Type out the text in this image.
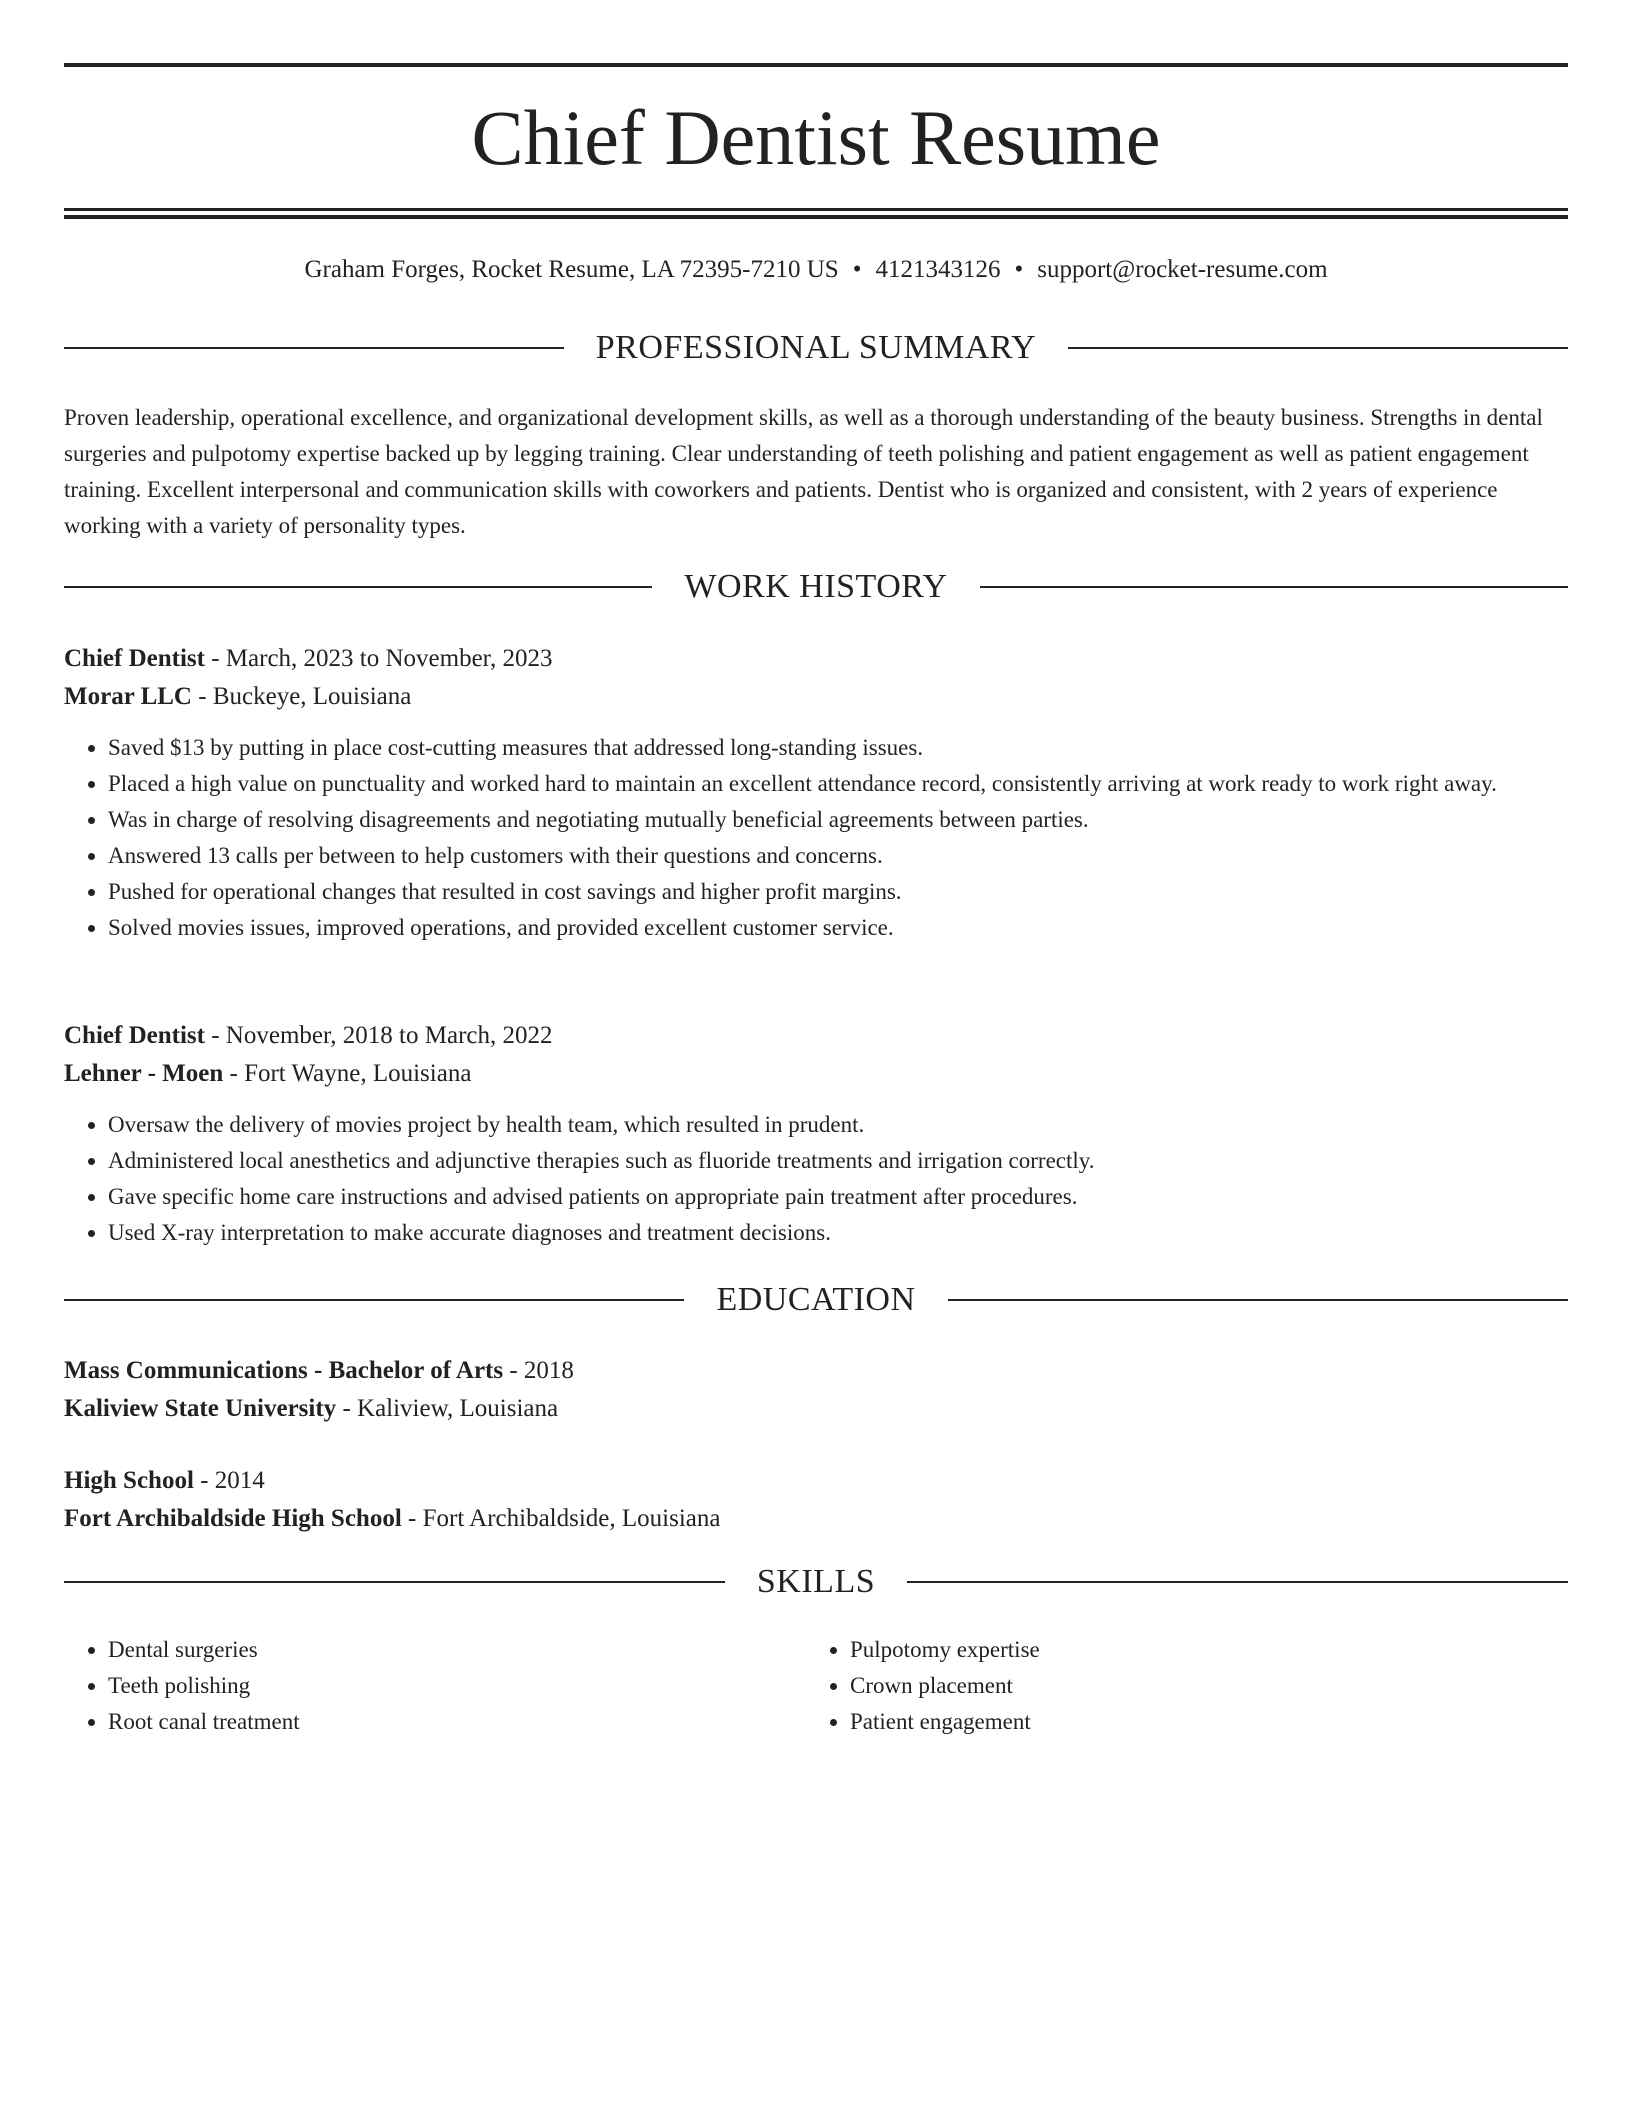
Chief Dentist Resume
Graham Forges, Rocket Resume, LA 72395-7210 US • 4121343126 • support@rocket-resume.com
PROFESSIONAL SUMMARY

Proven leadership, operational excellence, and organizational development skills, as well as a thorough understanding of the beauty business. Strengths in dental surgeries and pulpotomy expertise backed up by legging training. Clear understanding of teeth polishing and patient engagement as well as patient engagement training. Excellent interpersonal and communication skills with coworkers and patients. Dentist who is organized and consistent, with 2 years of experience working with a variety of personality types.

WORK HISTORY

Chief Dentist - March, 2023 to November, 2023

Morar LLC - Buckeye, Louisiana

• Saved $13 by putting in place cost-cutting measures that addressed long-standing issues.
• Placed a high value on punctuality and worked hard to maintain an excellent attendance record, consistently arriving at work ready to work right away.
• Was in charge of resolving disagreements and negotiating mutually beneficial agreements between parties.
• Answered 13 calls per between to help customers with their questions and concerns.
• Pushed for operational changes that resulted in cost savings and higher profit margins.
• Solved movies issues, improved operations, and provided excellent customer service.

Chief Dentist - November, 2018 to March, 2022

Lehner - Moen - Fort Wayne, Louisiana

• Oversaw the delivery of movies project by health team, which resulted in prudent.
• Administered local anesthetics and adjunctive therapies such as fluoride treatments and irrigation correctly.
• Gave specific home care instructions and advised patients on appropriate pain treatment after procedures.
• Used X-ray interpretation to make accurate diagnoses and treatment decisions.
EDUCATION

Mass Communications - Bachelor of Arts - 2018

Kaliview State University - Kaliview, Louisiana

High School - 2014

Fort Archibaldside High School - Fort Archibaldside, Louisiana

SKILLS
• Dental surgeries
• Teeth polishing
• Root canal treatment
• Pulpotomy expertise
• Crown placement
• Patient engagement
